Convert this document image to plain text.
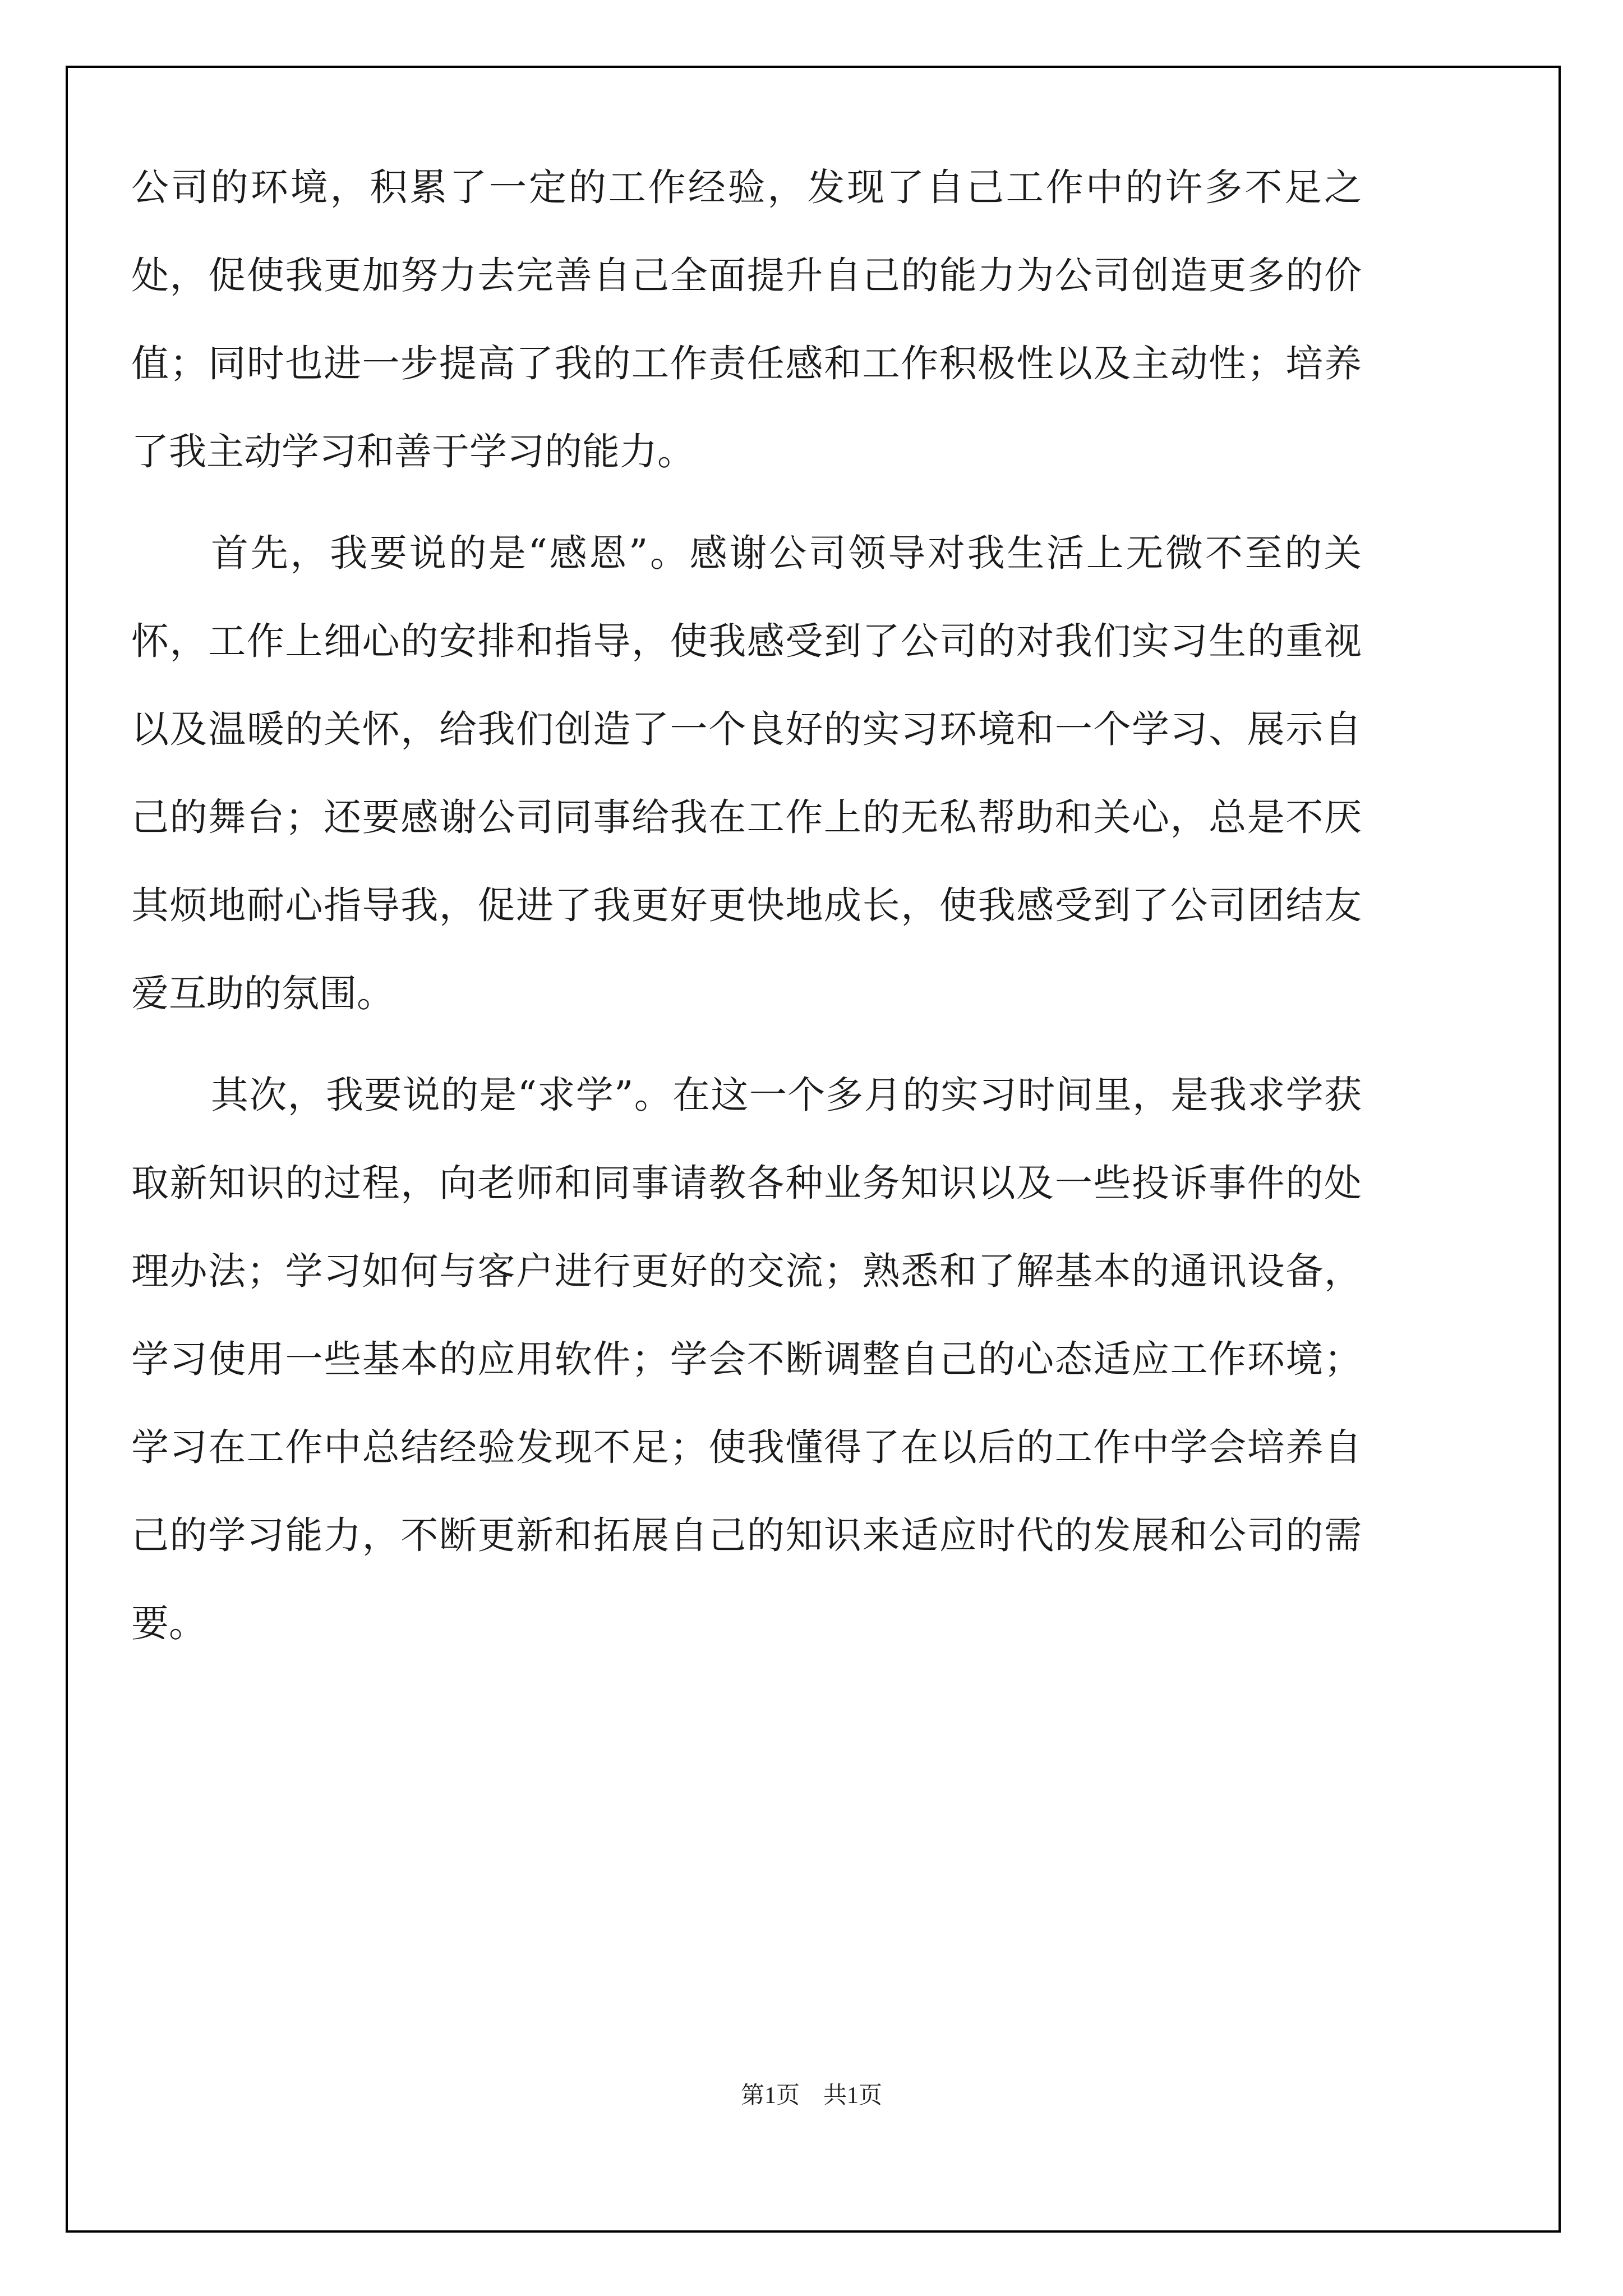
公司的环境，积累了一定的工作经验，发现了自己工作中的许多不足之处，促使我更加努力去完善自己全面提升自己的能力为公司创造更多的价值；同时也进一步提高了我的工作责任感和工作积极性以及主动性；培养了我主动学习和善于学习的能力。

首先，我要说的是“感恩”。感谢公司领导对我生活上无微不至的关怀，工作上细心的安排和指导，使我感受到了公司的对我们实习生的重视以及温暖的关怀，给我们创造了一个良好的实习环境和一个学习、展示自己的舞台；还要感谢公司同事给我在工作上的无私帮助和关心，总是不厌其烦地耐心指导我，促进了我更好更快地成长，使我感受到了公司团结友爱互助的氛围。

其次，我要说的是“求学”。在这一个多月的实习时间里，是我求学获取新知识的过程，向老师和同事请教各种业务知识以及一些投诉事件的处理办法；学习如何与客户进行更好的交流；熟悉和了解基本的通讯设备，学习使用一些基本的应用软件；学会不断调整自己的心态适应工作环境；学习在工作中总结经验发现不足；使我懂得了在以后的工作中学会培养自己的学习能力，不断更新和拓展自己的知识来适应时代的发展和公司的需要。

第1页　共1页
